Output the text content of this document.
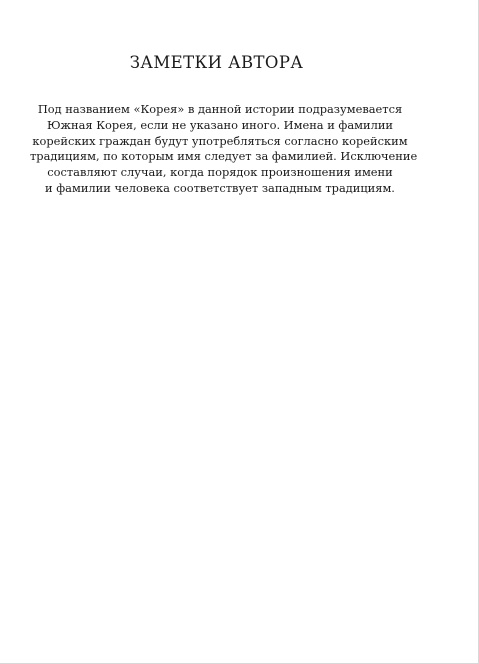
ЗАМЕТКИ АВТОРА
Под названием «Корея» в данной истории подразумевается
Южная Корея, если не указано иного. Имена и фамилии
корейских граждан будут употребляться согласно корейским
традициям, по которым имя следует за фамилией. Исключение
составляют случаи, когда порядок произношения имени
и фамилии человека соответствует западным традициям.
